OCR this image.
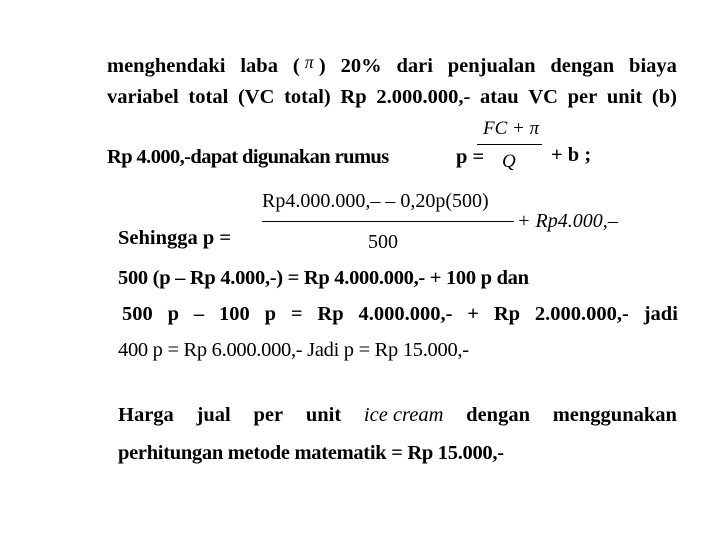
menghendaki laba ( π ) 20% dari penjualan dengan biaya
variabel total (VC total) Rp 2.000.000,- atau VC per unit (b)
Rp 4.000,-dapat digunakan rumus	p =
FC + π
Q + b ;
Sehingga p =
Rp4.000.000,– – 0,20p(500)
500
+ Rp4.000,–
500 (p – Rp 4.000,-) = Rp 4.000.000,- + 100 p dan
500 p – 100 p = Rp 4.000.000,- + Rp 2.000.000,- jadi
400 p = Rp 6.000.000,- Jadi p = Rp 15.000,-
Harga jual per unit ice cream dengan menggunakan
perhitungan metode matematik = Rp 15.000,-
